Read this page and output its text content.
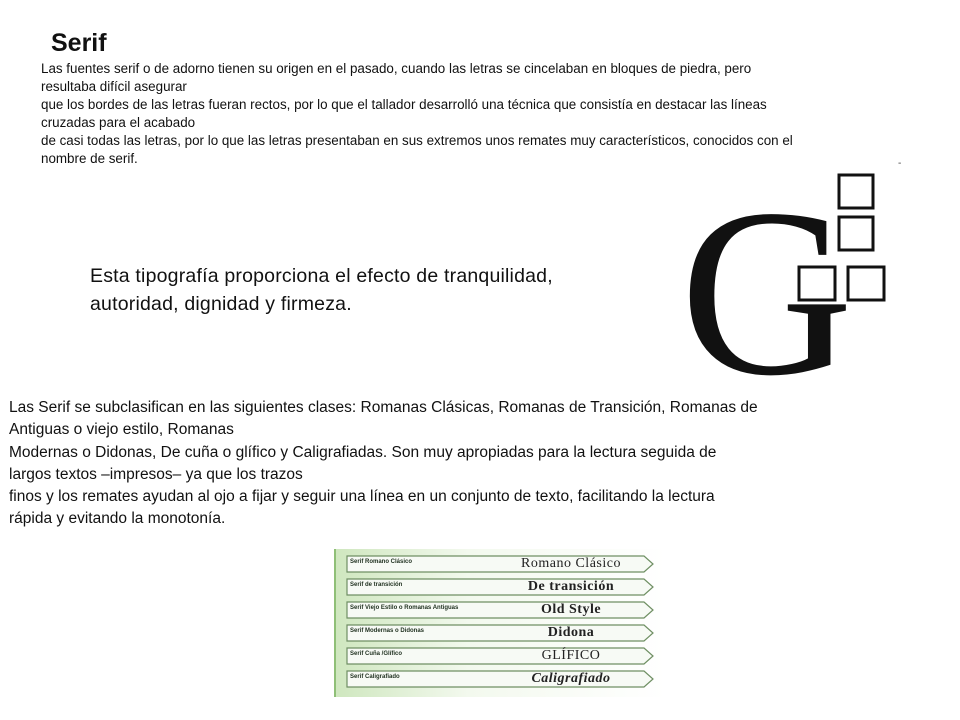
Serif
Las fuentes serif o de adorno tienen su origen en el pasado, cuando las letras se cincelaban en bloques de piedra, pero
resultaba difícil asegurar
que los bordes de las letras fueran rectos, por lo que el tallador desarrolló una técnica que consistía en destacar las líneas
cruzadas para el acabado
de casi todas las letras, por lo que las letras presentaban en sus extremos unos remates muy característicos, conocidos con el
nombre de serif.	-
Esta tipografía proporciona el efecto de tranquilidad,
autoridad, dignidad y firmeza.	G
Las Serif se subclasifican en las siguientes clases: Romanas Clásicas, Romanas de Transición, Romanas de
Antiguas o viejo estilo, Romanas
Modernas o Didonas, De cuña o glífico y Caligrafiadas. Son muy apropiadas para la lectura seguida de
largos textos –impresos– ya que los trazos
finos y los remates ayudan al ojo a fijar y seguir una línea en un conjunto de texto, facilitando la lectura
rápida y evitando la monotonía.
Serif Romano Clásico	Romano Clásico
Serif de transición	De transición
Serif Viejo Estilo o Romanas Antiguas	Old Style
Serif Modernas o Didonas	Didona
Serif Cuña /Glífico	GLÍFICO
Serif Caligrafiado	Caligrafiado
